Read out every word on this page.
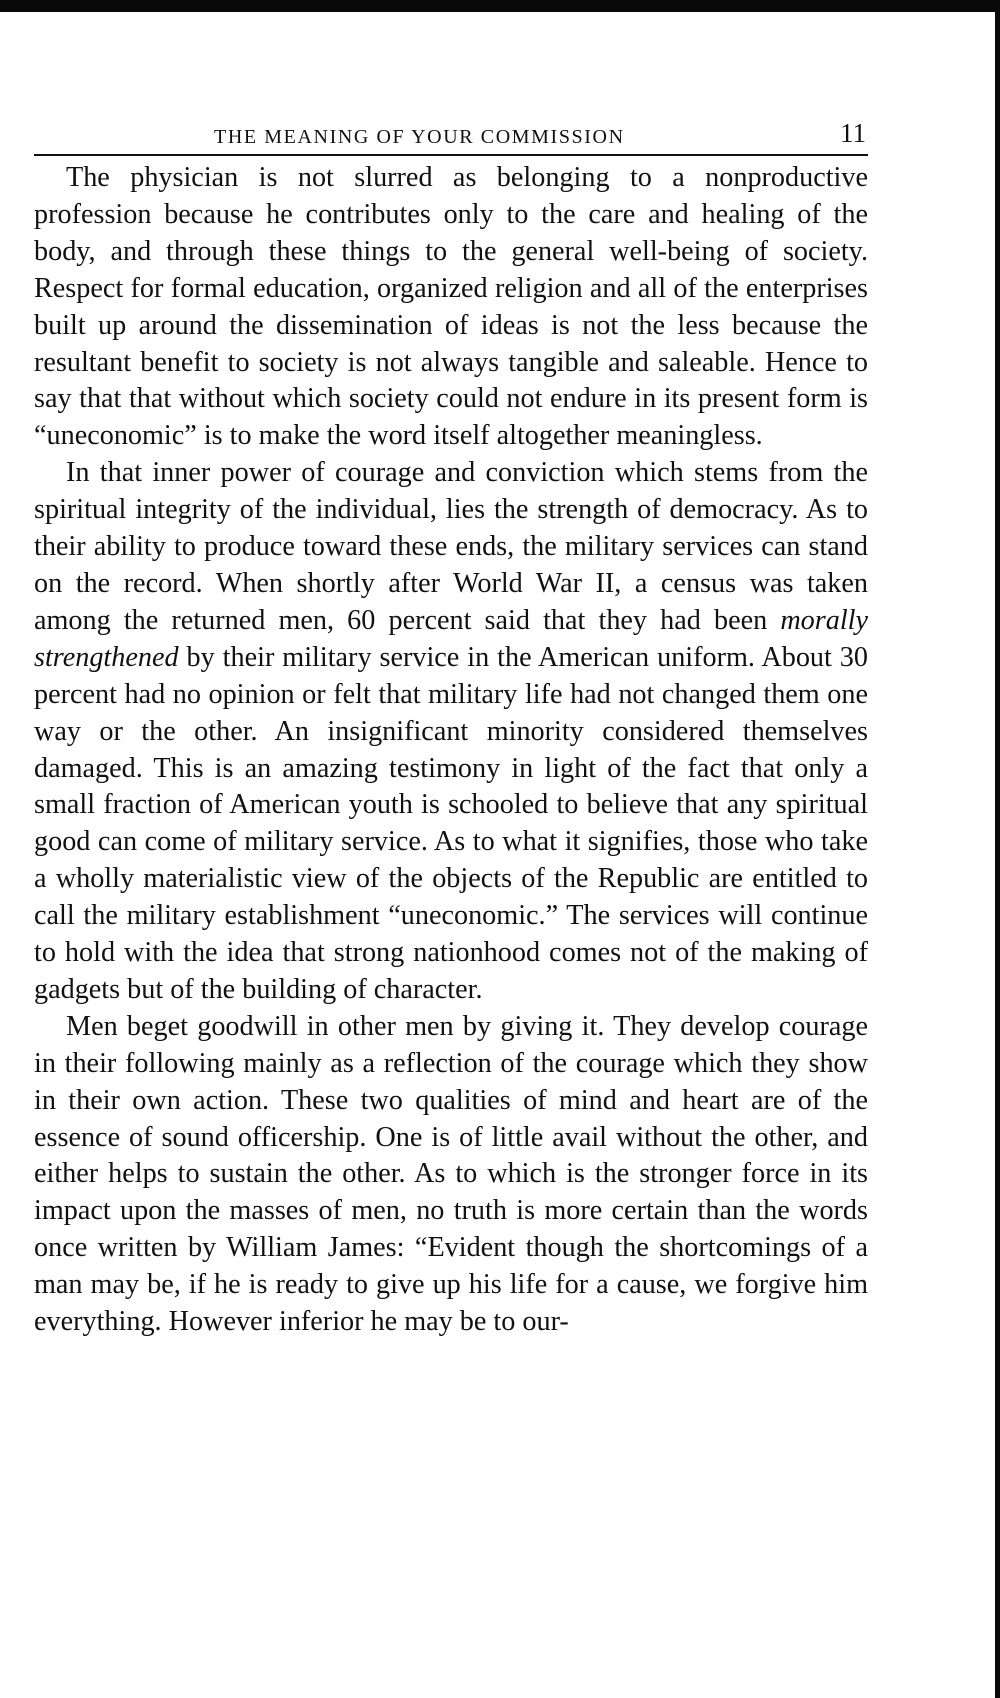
THE MEANING OF YOUR COMMISSION	11

The physician is not slurred as belonging to a nonproductive profession because he contributes only to the care and healing of the body, and through these things to the general well-being of society. Respect for formal education, organized religion and all of the enterprises built up around the dissemination of ideas is not the less because the resultant benefit to society is not always tangible and saleable. Hence to say that that without which society could not endure in its present form is “uneconomic” is to make the word itself altogether meaningless.

In that inner power of courage and conviction which stems from the spiritual integrity of the individual, lies the strength of democracy. As to their ability to produce toward these ends, the military services can stand on the record. When shortly after World War II, a census was taken among the returned men, 60 percent said that they had been morally strengthened by their military service in the American uniform. About 30 percent had no opinion or felt that military life had not changed them one way or the other. An insignificant minority considered themselves damaged. This is an amazing testimony in light of the fact that only a small fraction of American youth is schooled to believe that any spiritual good can come of military service. As to what it signifies, those who take a wholly materialistic view of the objects of the Republic are entitled to call the military establishment “uneconomic.” The services will continue to hold with the idea that strong nationhood comes not of the making of gadgets but of the building of character.

Men beget goodwill in other men by giving it. They develop courage in their following mainly as a reflection of the courage which they show in their own action. These two qualities of mind and heart are of the essence of sound officership. One is of little avail without the other, and either helps to sustain the other. As to which is the stronger force in its impact upon the masses of men, no truth is more certain than the words once written by William James: “Evident though the shortcomings of a man may be, if he is ready to give up his life for a cause, we forgive him everything. However inferior he may be to our-
